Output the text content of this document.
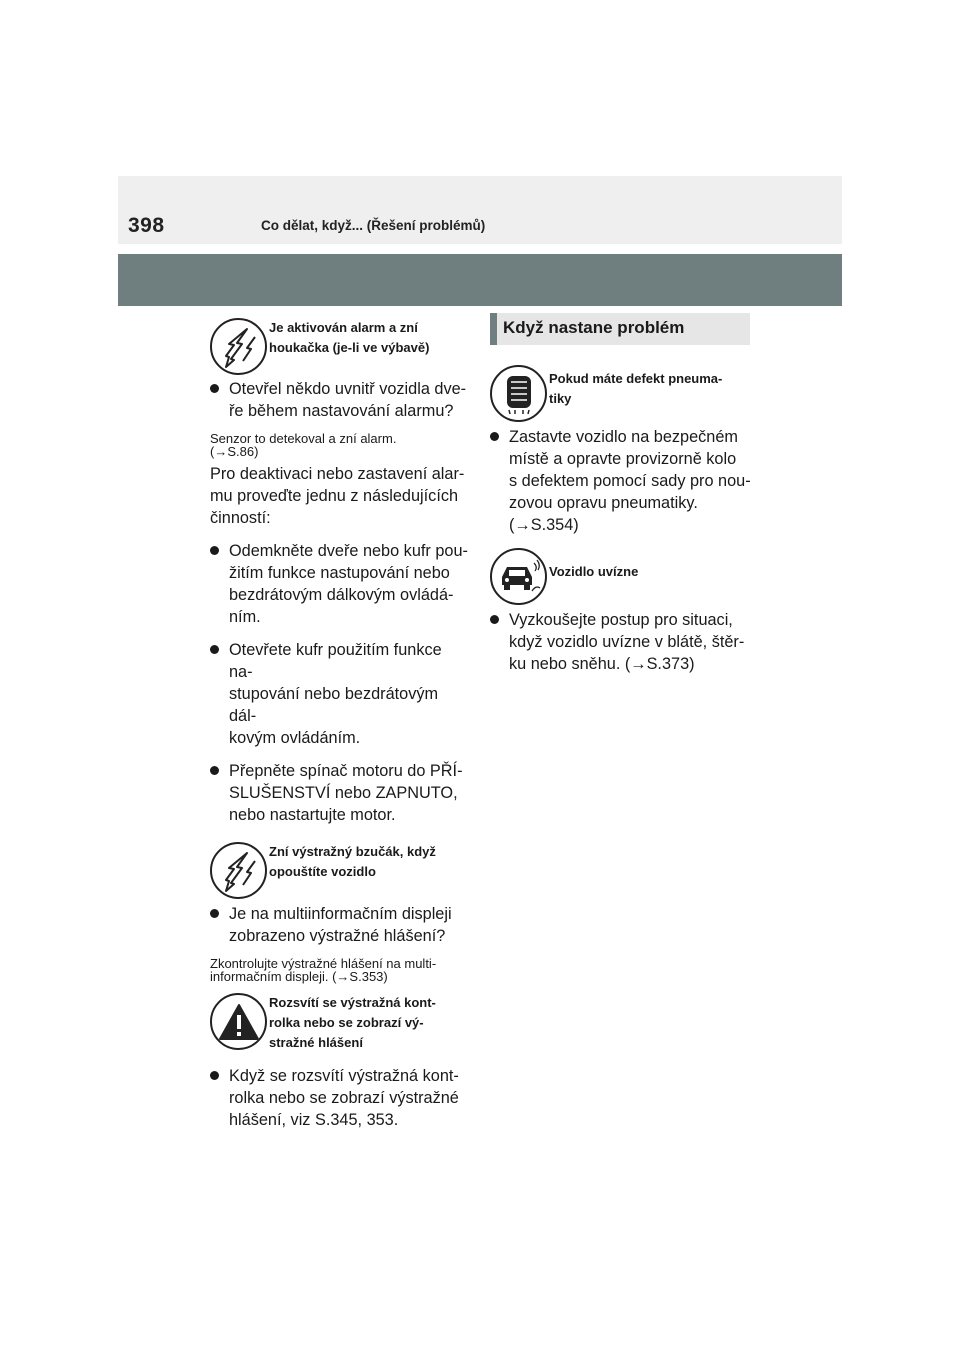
398	Co dělat, když... (Řešení problémů)
Je aktivován alarm a zní
houkačka (je-li ve výbavě)
Otevřel někdo uvnitř vozidla dve-
ře během nastavování alarmu?
Senzor to detekoval a zní alarm.
(→S.86)
Pro deaktivaci nebo zastavení alar-
mu proveďte jednu z následujících
činností:
Odemkněte dveře nebo kufr pou-
žitím funkce nastupování nebo
bezdrátovým dálkovým ovládá-
ním.
Otevřete kufr použitím funkce na-
stupování nebo bezdrátovým dál-
kovým ovládáním.
Přepněte spínač motoru do PŘÍ-
SLUŠENSTVÍ nebo ZAPNUTO,
nebo nastartujte motor.
Zní výstražný bzučák, když
opouštíte vozidlo
Je na multiinformačním displeji
zobrazeno výstražné hlášení?
Zkontrolujte výstražné hlášení na multi-
informačním displeji. (→S.353)
Rozsvítí se výstražná kont-
rolka nebo se zobrazí vý-
stražné hlášení
Když se rozsvítí výstražná kont-
rolka nebo se zobrazí výstražné
hlášení, viz S.345, 353.
Když nastane problém
Pokud máte defekt pneuma-
tiky
Zastavte vozidlo na bezpečném
místě a opravte provizorně kolo
s defektem pomocí sady pro nou-
zovou opravu pneumatiky.
(→S.354)
Vozidlo uvízne
Vyzkoušejte postup pro situaci,
když vozidlo uvízne v blátě, štěr-
ku nebo sněhu. (→S.373)
